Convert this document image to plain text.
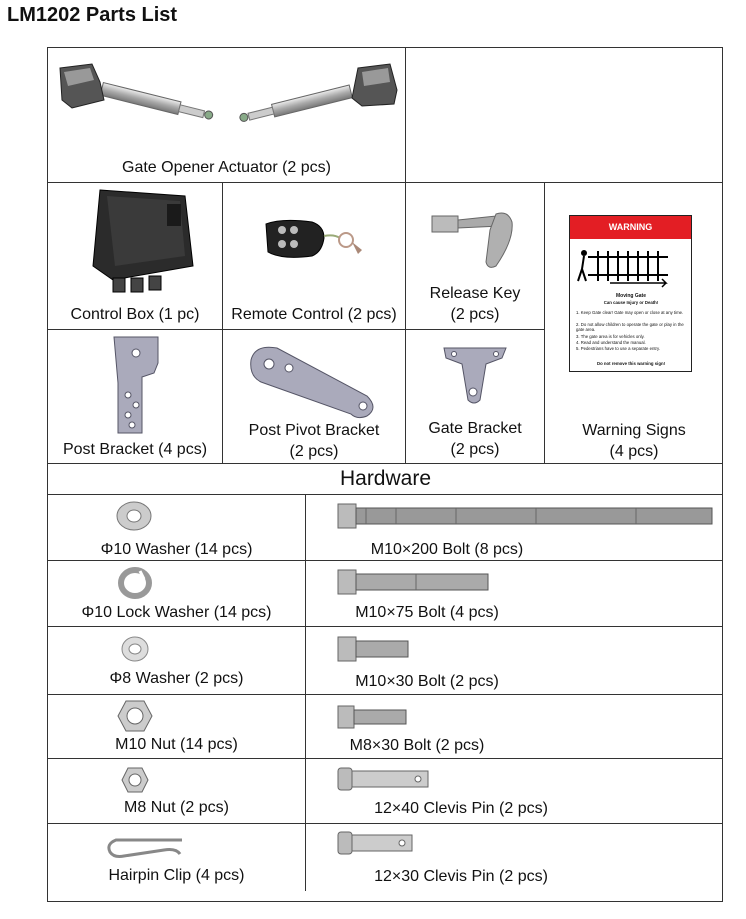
LM1202 Parts List
Gate Opener Actuator (2 pcs)
Control Box (1 pc)	Remote Control (2 pcs)
Release Key
(2 pcs)
WARNING
Moving Gate
Can cause Injury or Death!
1. Keep Gate clear! Gate may open or close at any time.
2. Do not allow children to operate the gate or play in the gate area.
3. The gate area is for vehicles only.
4. Read and understand the manual.
5. Pedestrians have to use a separate entry.
Do not remove this warning sign!
Warning Signs
(4 pcs)
Post Bracket (4 pcs)
Post Pivot Bracket
(2 pcs)
Gate Bracket
(2 pcs)
Hardware
Φ10 Washer (14 pcs)
Φ10 Lock Washer (14 pcs)
Φ8 Washer (2 pcs)
M10 Nut (14 pcs)
M8 Nut (2 pcs)
Hairpin Clip (4 pcs)
M10×200 Bolt (8 pcs)
M10×75 Bolt (4 pcs)
M10×30 Bolt (2 pcs)
M8×30 Bolt (2 pcs)
12×40 Clevis Pin (2 pcs)
12×30 Clevis Pin (2 pcs)
